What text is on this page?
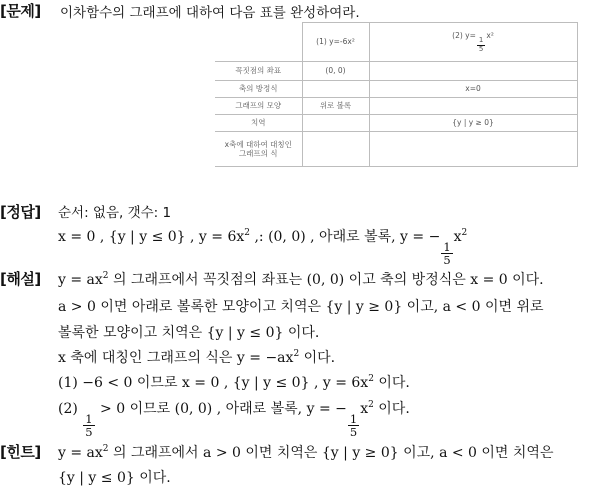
[문제] 이차함수의 그래프에 대하여 다음 표를 완성하여라.
	(1) y=-6x²	(2) y=
$\frac{1}{5}$
x²
꼭짓점의 좌표	(0, 0)	
축의 방정식		x=0
그래프의 모양	위로 볼록	
치역		{y | y ≥ 0}
x축에 대하여 대칭인 그래프의 식		
[정답] 순서: 없음, 갯수: 1
x = 0 , {y | y ≤ 0} , $y = 6x^2$ ,: (0, 0) , 아래로 볼록, y = −
$\frac{1}{5}$
$x^2$
[해설] $y = ax^2$ 의 그래프에서 꼭짓점의 좌표는 (0, 0) 이고 축의 방정식은 x = 0 이다.
a > 0 이면 아래로 볼록한 모양이고 치역은 {y | y ≥ 0} 이고, a < 0 이면 위로
볼록한 모양이고 치역은 {y | y ≤ 0} 이다.
x 축에 대칭인 그래프의 식은 $y = -ax^2$ 이다.
(1) −6 < 0 이므로 x = 0 , {y | y ≤ 0} , $y = 6x^2$ 이다.
(2)
$\frac{1}{5}$
> 0 이므로 (0, 0) , 아래로 볼록, y = −
$\frac{1}{5}$
$x^2$ 이다.
[힌트] $y = ax^2$ 의 그래프에서 a > 0 이면 치역은 {y | y ≥ 0} 이고, a < 0 이면 치역은
{y | y ≤ 0} 이다.
